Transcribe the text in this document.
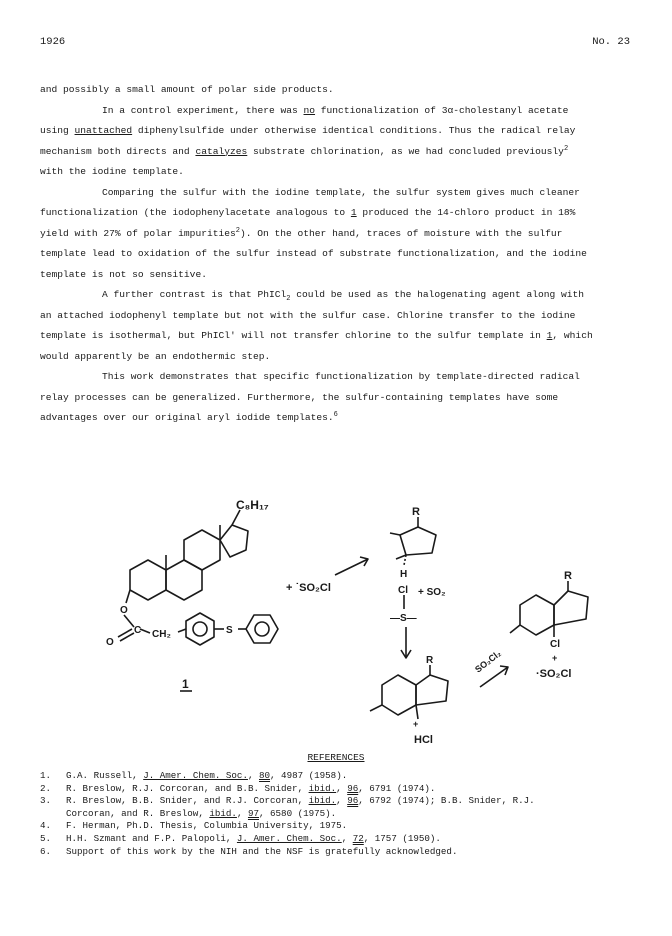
1926	No. 23

and possibly a small amount of polar side products.

In a control experiment, there was no functionalization of 3α-cholestanyl acetate
using unattached diphenylsulfide under otherwise identical conditions. Thus the radical relay
mechanism both directs and catalyzes substrate chlorination, as we had concluded previously$^2$
with the iodine template.

Comparing the sulfur with the iodine template, the sulfur system gives much cleaner
functionalization (the iodophenylacetate analogous to 1 produced the 14-chloro product in 18%
yield with 27% of polar impurities$^2$). On the other hand, traces of moisture with the sulfur
template lead to oxidation of the sulfur instead of substrate functionalization, and the iodine
template is not so sensitive.

A further contrast is that PhICl$_2$ could be used as the halogenating agent along with
an attached iodophenyl template but not with the sulfur case. Chlorine transfer to the iodine
template is isothermal, but PhICl' will not transfer chlorine to the sulfur template in 1, which
would apparently be an endothermic step.

This work demonstrates that specific functionalization by template-directed radical
relay processes can be generalized. Furthermore, the sulfur-containing templates have some
advantages over our original aryl iodide templates.$^6$

C₈H₁₇
+ ˙SO₂Cl
O
C
O
CH₂	S
1
R
H
Cl + SO₂
—S—
R
+
HCl
SO₂Cl₂
R
Cl
+
·SO₂Cl
REFERENCES
1.	G.A. Russell, J. Amer. Chem. Soc., 80, 4987 (1958).
2.	R. Breslow, R.J. Corcoran, and B.B. Snider, ibid., 96, 6791 (1974).
3.	R. Breslow, B.B. Snider, and R.J. Corcoran, ibid., 96, 6792 (1974); B.B. Snider, R.J.
Corcoran, and R. Breslow, ibid., 97, 6580 (1975).
4.	F. Herman, Ph.D. Thesis, Columbia University, 1975.
5.	H.H. Szmant and F.P. Palopoli, J. Amer. Chem. Soc., 72, 1757 (1950).
6.	Support of this work by the NIH and the NSF is gratefully acknowledged.
